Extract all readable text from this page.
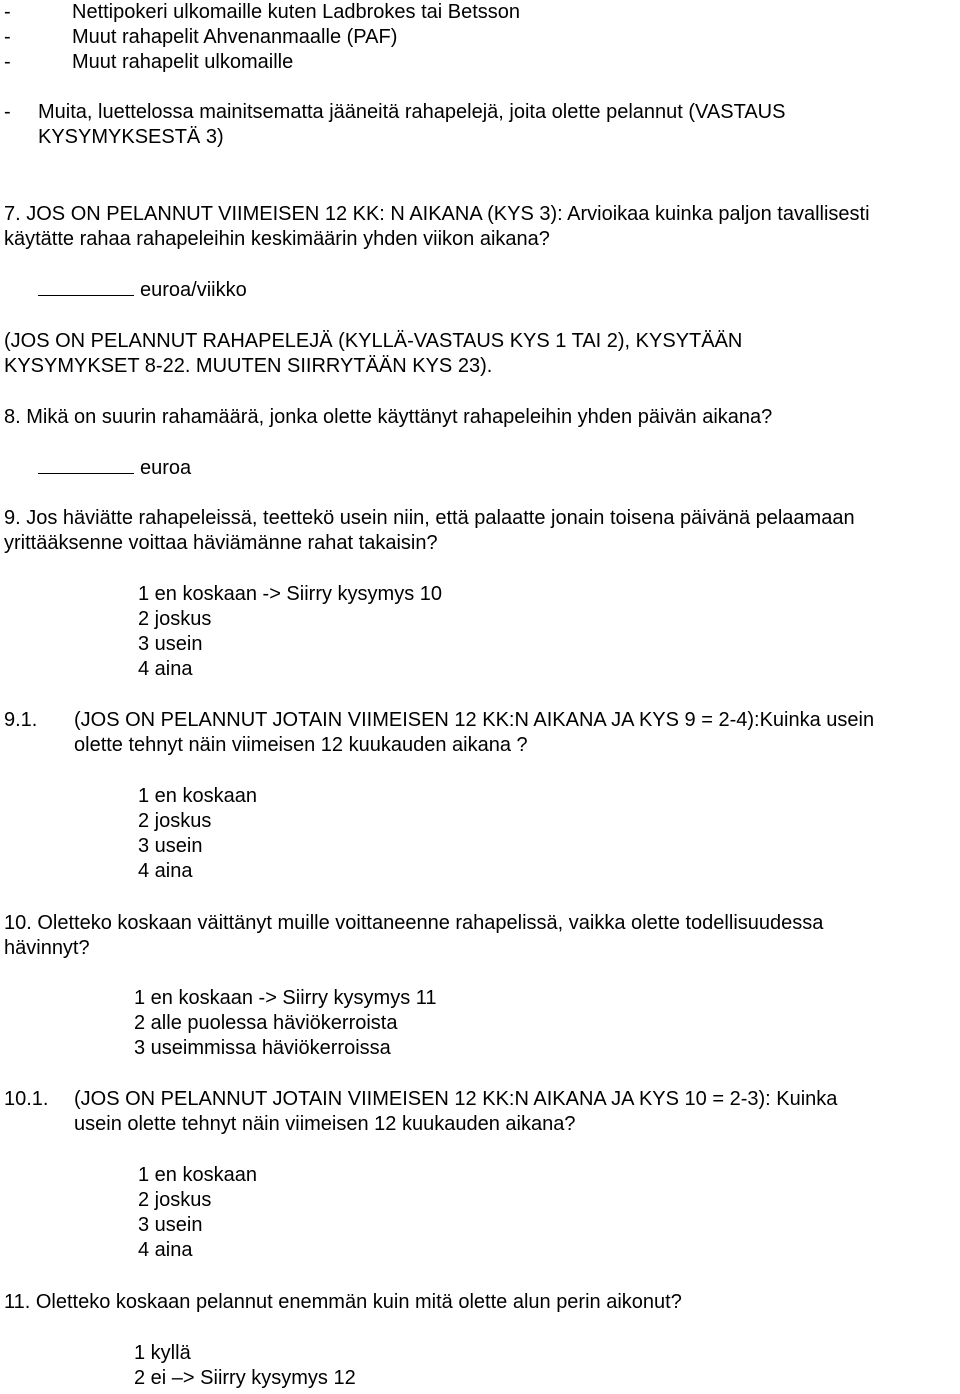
-	Nettipokeri ulkomaille kuten Ladbrokes tai Betsson
-	Muut rahapelit Ahvenanmaalle (PAF)
-	Muut rahapelit ulkomaille
- Muita, luettelossa mainitsematta jääneitä rahapelejä, joita olette pelannut (VASTAUS
KYSYMYKSESTÄ 3)
7. JOS ON PELANNUT VIIMEISEN 12 KK: N AIKANA (KYS 3): Arvioikaa kuinka paljon tavallisesti
käytätte rahaa rahapeleihin keskimäärin yhden viikon aikana?
euroa/viikko
(JOS ON PELANNUT RAHAPELEJÄ (KYLLÄ-VASTAUS KYS 1 TAI 2), KYSYTÄÄN
KYSYMYKSET 8-22. MUUTEN SIIRRYTÄÄN KYS 23).
8. Mikä on suurin rahamäärä, jonka olette käyttänyt rahapeleihin yhden päivän aikana?
euroa
9. Jos häviätte rahapeleissä, teettekö usein niin, että palaatte jonain toisena päivänä pelaamaan
yrittääksenne voittaa häviämänne rahat takaisin?
1 en koskaan -> Siirry kysymys 10
2 joskus
3 usein
4 aina
9.1. (JOS ON PELANNUT JOTAIN VIIMEISEN 12 KK:N AIKANA JA KYS 9 = 2-4):Kuinka usein
olette tehnyt näin viimeisen 12 kuukauden aikana ?
1 en koskaan
2 joskus
3 usein
4 aina
10. Oletteko koskaan väittänyt muille voittaneenne rahapelissä, vaikka olette todellisuudessa
hävinnyt?
1 en koskaan -> Siirry kysymys 11
2 alle puolessa häviökerroista
3 useimmissa häviökerroissa
10.1. (JOS ON PELANNUT JOTAIN VIIMEISEN 12 KK:N AIKANA JA KYS 10 = 2-3): Kuinka
usein olette tehnyt näin viimeisen 12 kuukauden aikana?
1 en koskaan
2 joskus
3 usein
4 aina
11. Oletteko koskaan pelannut enemmän kuin mitä olette alun perin aikonut?
1 kyllä
2 ei –> Siirry kysymys 12
